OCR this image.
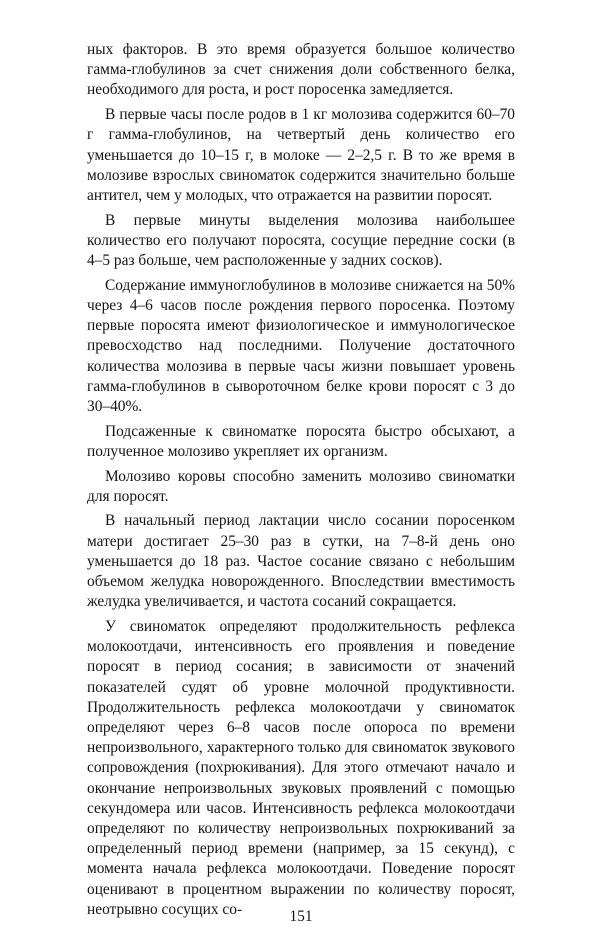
ных факторов. В это время образуется большое количество гамма-глобулинов за счет снижения доли собственного белка, необходимого для роста, и рост поросенка замедляется.

В первые часы после родов в 1 кг молозива содержится 60–70 г гамма-глобулинов, на четвертый день количество его уменьшается до 10–15 г, в молоке — 2–2,5 г. В то же время в молозиве взрослых свиноматок содержится значительно больше антител, чем у молодых, что отражается на развитии поросят.

В первые минуты выделения молозива наибольшее количество его получают поросята, сосущие передние соски (в 4–5 раз больше, чем расположенные у задних сосков).

Содержание иммуноглобулинов в молозиве снижается на 50% через 4–6 часов после рождения первого поросенка. Поэтому первые поросята имеют физиологическое и иммунологическое превосходство над последними. Получение достаточного количества молозива в первые часы жизни повышает уровень гамма-глобулинов в сывороточном белке крови поросят с 3 до 30–40%.

Подсаженные к свиноматке поросята быстро обсыхают, а полученное молозиво укрепляет их организм.

Молозиво коровы способно заменить молозиво свиноматки для поросят.

В начальный период лактации число сосании поросенком матери достигает 25–30 раз в сутки, на 7–8-й день оно уменьшается до 18 раз. Частое сосание связано с небольшим объемом желудка новорожденного. Впоследствии вместимость желудка увеличивается, и частота сосаний сокращается.

У свиноматок определяют продолжительность рефлекса молокоотдачи, интенсивность его проявления и поведение поросят в период сосания; в зависимости от значений показателей судят об уровне молочной продуктивности. Продолжительность рефлекса молокоотдачи у свиноматок определяют через 6–8 часов после опороса по времени непроизвольного, характерного только для свиноматок звукового сопровождения (похрюкивания). Для этого отмечают начало и окончание непроизвольных звуковых проявлений с помощью секундомера или часов. Интенсивность рефлекса молокоотдачи определяют по количеству непроизвольных похрюкиваний за определенный период времени (например, за 15 секунд), с момента начала рефлекса молокоотдачи. Поведение поросят оценивают в процентном выражении по количеству поросят, неотрывно сосущих со-	151
